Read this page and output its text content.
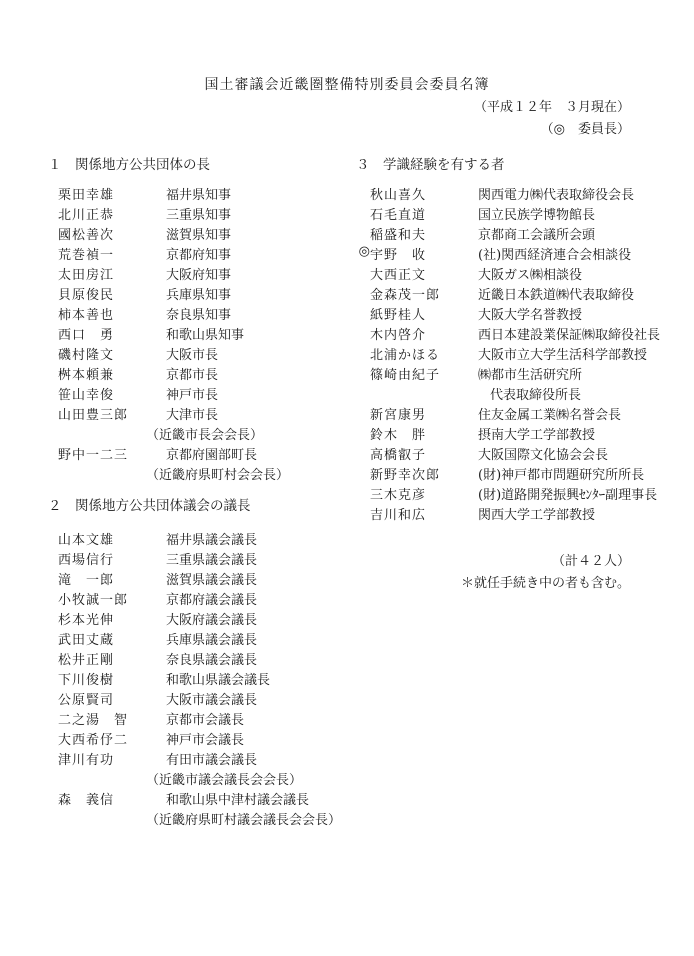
国土審議会近畿圏整備特別委員会委員名簿
（平成１２年　３月現在）
（◎　委員長）
１　関係地方公共団体の長
栗田幸雄	福井県知事
北川正恭	三重県知事
國松善次	滋賀県知事
荒巻禎一	京都府知事
太田房江	大阪府知事
貝原俊民	兵庫県知事
柿本善也	奈良県知事
西口　勇	和歌山県知事
磯村隆文	大阪市長
桝本頼兼	京都市長
笹山幸俊	神戸市長
山田豊三郎	大津市長
（近畿市長会会長）
野中一二三	京都府園部町長
（近畿府県町村会会長）
２　関係地方公共団体議会の議長
山本文雄	福井県議会議長
西場信行	三重県議会議長
滝　一郎	滋賀県議会議長
小牧誠一郎	京都府議会議長
杉本光伸	大阪府議会議長
武田丈蔵	兵庫県議会議長
松井正剛	奈良県議会議長
下川俊樹	和歌山県議会議長
公原賢司	大阪市議会議長
二之湯　智	京都市会議長
大西希伃二	神戸市会議長
津川有功	有田市議会議長
（近畿市議会議長会会長）
森　義信	和歌山県中津村議会議長
（近畿府県町村議会議長会会長）
３　学識経験を有する者
秋山喜久	関西電力㈱代表取締役会長
石毛直道	国立民族学博物館長
稲盛和夫	京都商工会議所会頭
◎ 宇野　收	(社)関西経済連合会相談役
大西正文	大阪ガス㈱相談役
金森茂一郎	近畿日本鉄道㈱代表取締役
紙野桂人	大阪大学名誉教授
木内啓介	西日本建設業保証㈱取締役社長
北浦かほる	大阪市立大学生活科学部教授
篠崎由紀子	㈱都市生活研究所
代表取締役所長
新宮康男	住友金属工業㈱名誉会長
鈴木　胖	摂南大学工学部教授
高橋叡子	大阪国際文化協会会長
新野幸次郎	(財)神戸都市問題研究所所長
三木克彦	(財)道路開発振興ｾﾝﾀｰ副理事長
吉川和広	関西大学工学部教授
（計４２人）
＊就任手続き中の者も含む。
